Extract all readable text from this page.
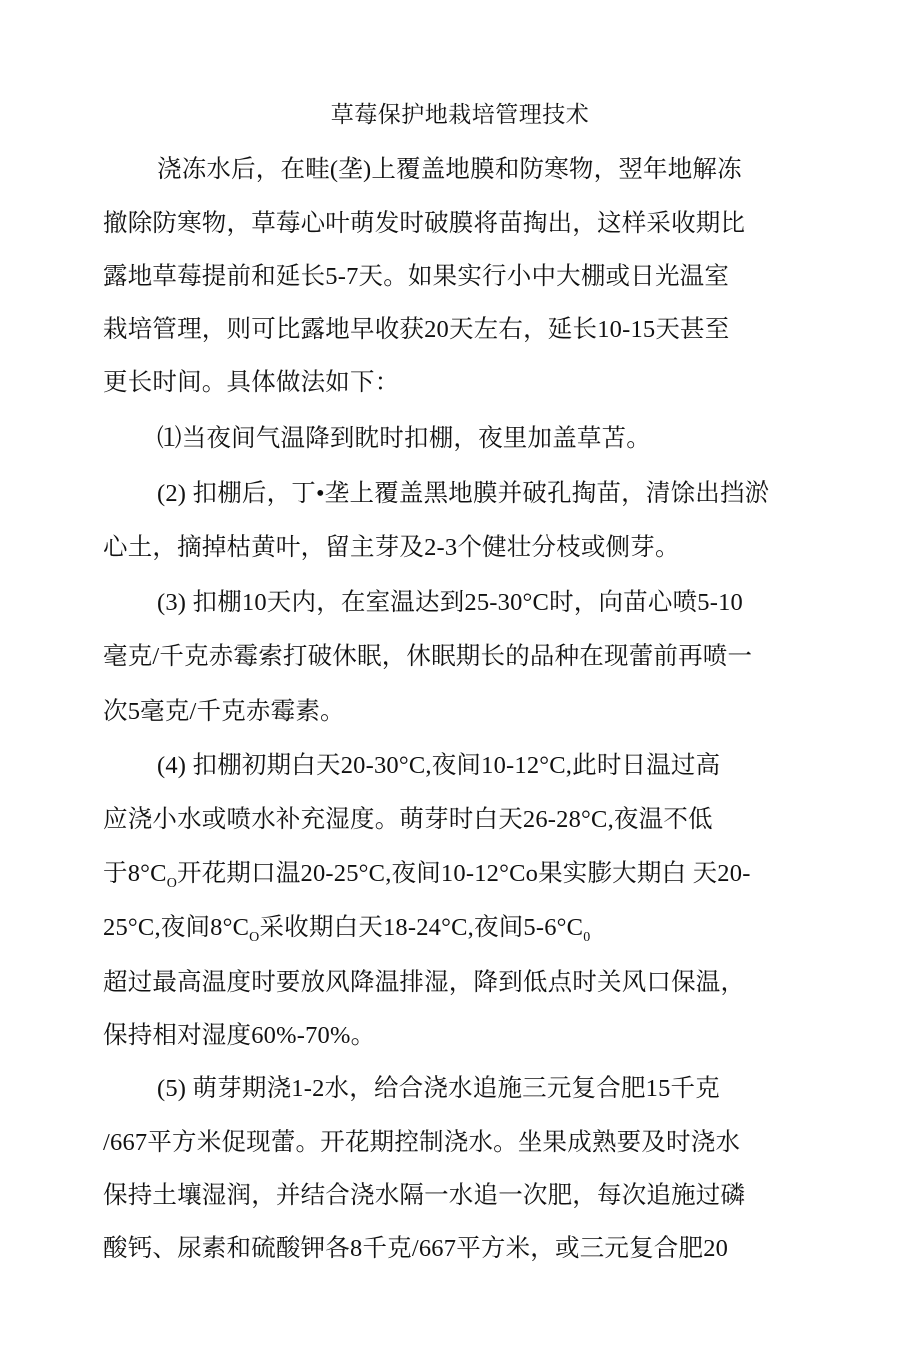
草莓保护地栽培管理技术
浇冻水后，在畦(垄)上覆盖地膜和防寒物，翌年地解冻
撤除防寒物，草莓心叶萌发时破膜将苗掏出，这样采收期比
露地草莓提前和延长5-7天。如果实行小中大棚或日光温室
栽培管理，则可比露地早收获20天左右，延长10-15天甚至
更长时间。具体做法如下：
⑴当夜间气温降到眈时扣棚，夜里加盖草苫。
(2) 扣棚后，丁•垄上覆盖黑地膜并破孔掏苗，清馀出挡淤
心土，摘掉枯黄叶，留主芽及2-3个健壮分枝或侧芽。
(3) 扣棚10天内，在室温达到25-30°C时，向苗心喷5-10
毫克/千克赤霉索打破休眠，休眠期长的品种在现蕾前再喷一
次5毫克/千克赤霉素。
(4) 扣棚初期白天20-30°C,夜间10-12°C,此时日温过高
应浇小水或喷水补充湿度。萌芽时白天26-28°C,夜温不低
于$8^\circ C_O$开花期口温20-25°C,夜间10-12°Co果实膨大期白 天20-
25°C,夜间$8^\circ C_O$采收期白天18-24°C,夜间$5-6^\circ C_0$
超过最高温度时要放风降温排湿，降到低点时关风口保温，
保持相对湿度60%-70%。
(5) 萌芽期浇1-2水，给合浇水追施三元复合肥15千克
/667平方米促现蕾。开花期控制浇水。坐果成熟要及时浇水
保持土壤湿润，并结合浇水隔一水追一次肥，每次追施过磷
酸钙、尿素和硫酸钾各8千克/667平方米，或三元复合肥20
